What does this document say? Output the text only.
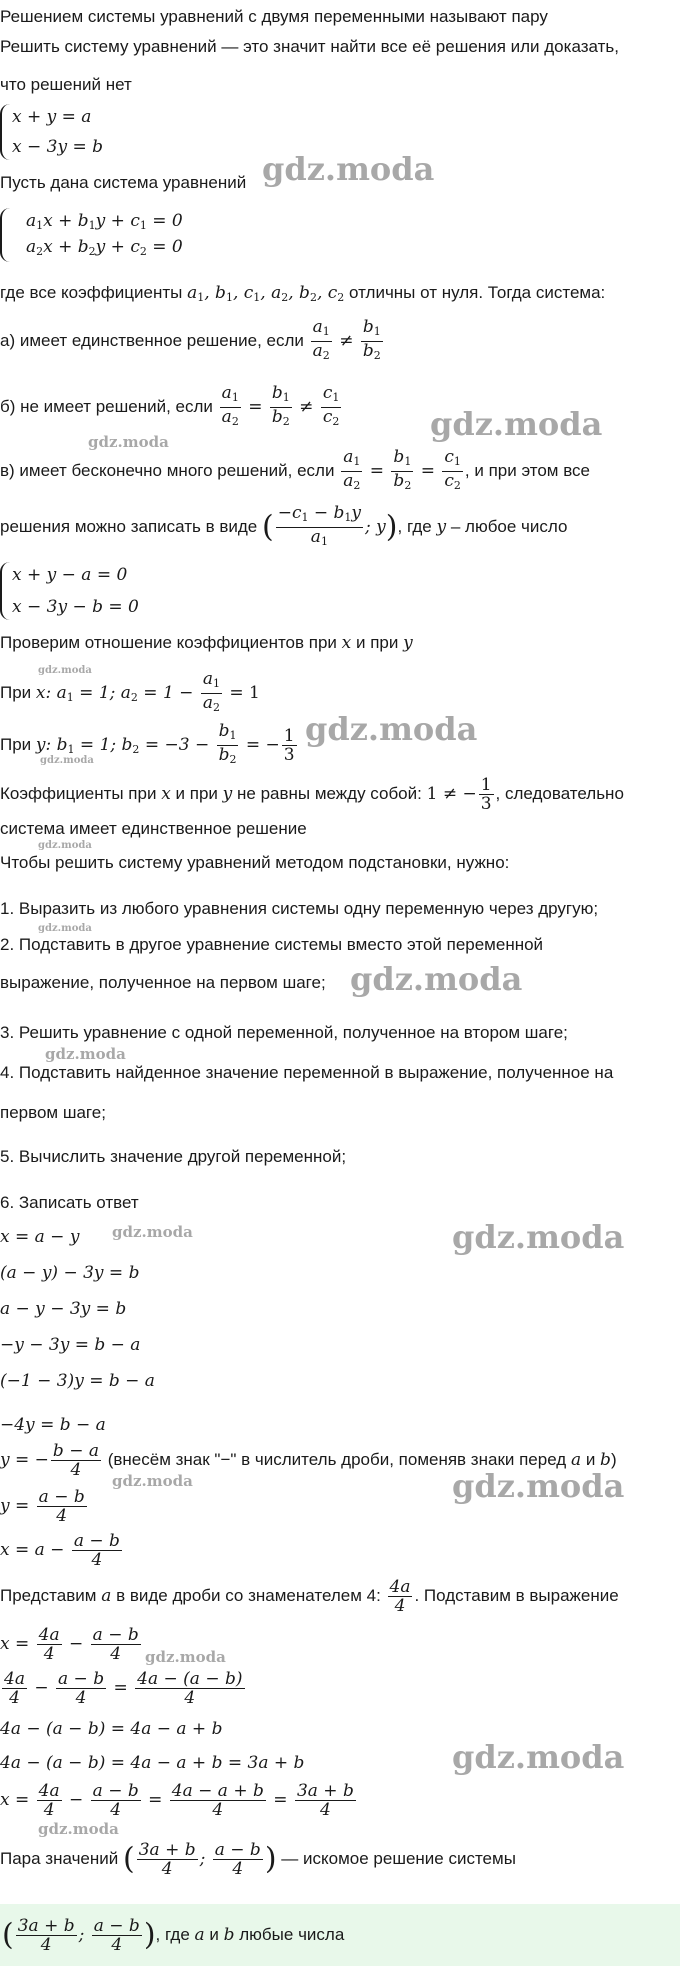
gdz.moda
gdz.moda
gdz.moda
gdz.moda
gdz.moda
gdz.moda
gdz.moda
gdz.moda
gdz.moda
gdz.moda
gdz.moda	gdz.moda
gdz.moda	gdz.moda
gdz.moda
gdz.moda
gdz.moda
Решением системы уравнений с двумя переменными называют пару
Решить систему уравнений — это значит найти все её решения или доказать,
что решений нет
x + y = a
x − 3y = b
Пусть дана система уравнений
$a_1x + b_1y + c_1 = 0$
$a_2x + b_2y + c_2 = 0$
где все коэффициенты $a_1$, $b_1$, $c_1$, $a_2$, $b_2$, $c_2$ отличны от нуля. Тогда система:
а) имеет единственное решение, если $\frac{a_1}{a_2} \ne \frac{b_1}{b_2}$
б) не имеет решений, если $\frac{a_1}{a_2} = \frac{b_1}{b_2} \ne \frac{c_1}{c_2}$
в) имеет бесконечно много решений, если $\frac{a_1}{a_2} = \frac{b_1}{b_2} = \frac{c_1}{c_2}$ , и при этом все
решения можно записать в виде ( $\frac{-c_1 - b_1y}{a_1}$ ; y), где y – любое число
x + y − a = 0
x − 3y − b = 0
Проверим отношение коэффициентов при x и при y
При x: $a_1 = 1$; $a_2 = 1 - \frac{a_1}{a_2} = 1$
При y: $b_1 = 1$; $b_2 = -3 - \frac{b_1}{b_2}$ = − $\frac{1}{3}$
Коэффициенты при x и при y не равны между собой: 1 ≠ − $\frac{1}{3}$ , следовательно
система имеет единственное решение
Чтобы решить систему уравнений методом подстановки, нужно:
1. Выразить из любого уравнения системы одну переменную через другую;
2. Подставить в другое уравнение системы вместо этой переменной
выражение, полученное на первом шаге;
3. Решить уравнение с одной переменной, полученное на втором шаге;
4. Подставить найденное значение переменной в выражение, полученное на
первом шаге;
5. Вычислить значение другой переменной;
6. Записать ответ
x = a − y
(a − y) − 3y = b
a − y − 3y = b
−y − 3y = b − a
(−1 − 3)y = b − a
−4y = b − a
y = − $\frac{b - a}{4}$ (внесём знак "−" в числитель дроби, поменяв знаки перед a и b)
$y = \frac{a - b}{4}$
$x = a - \frac{a - b}{4}$
Представим a в виде дроби со знаменателем 4: $\frac{4a}{4}$ . Подставим в выражение
$x = \frac{4a}{4} - \frac{a - b}{4}$
$\frac{4a}{4} - \frac{a - b}{4} = \frac{4a - (a - b)}{4}$
4a − (a − b) = 4a − a + b
4a − (a − b) = 4a − a + b = 3a + b
$x = \frac{4a}{4} - \frac{a - b}{4} = \frac{4a - a + b}{4} = \frac{3a + b}{4}$
Пара значений ( $\frac{3a + b}{4}$ ; $\frac{a - b}{4}$ ) — искомое решение системы
( $\frac{3a + b}{4}$ ; $\frac{a - b}{4}$ ), где a и b любые числа
